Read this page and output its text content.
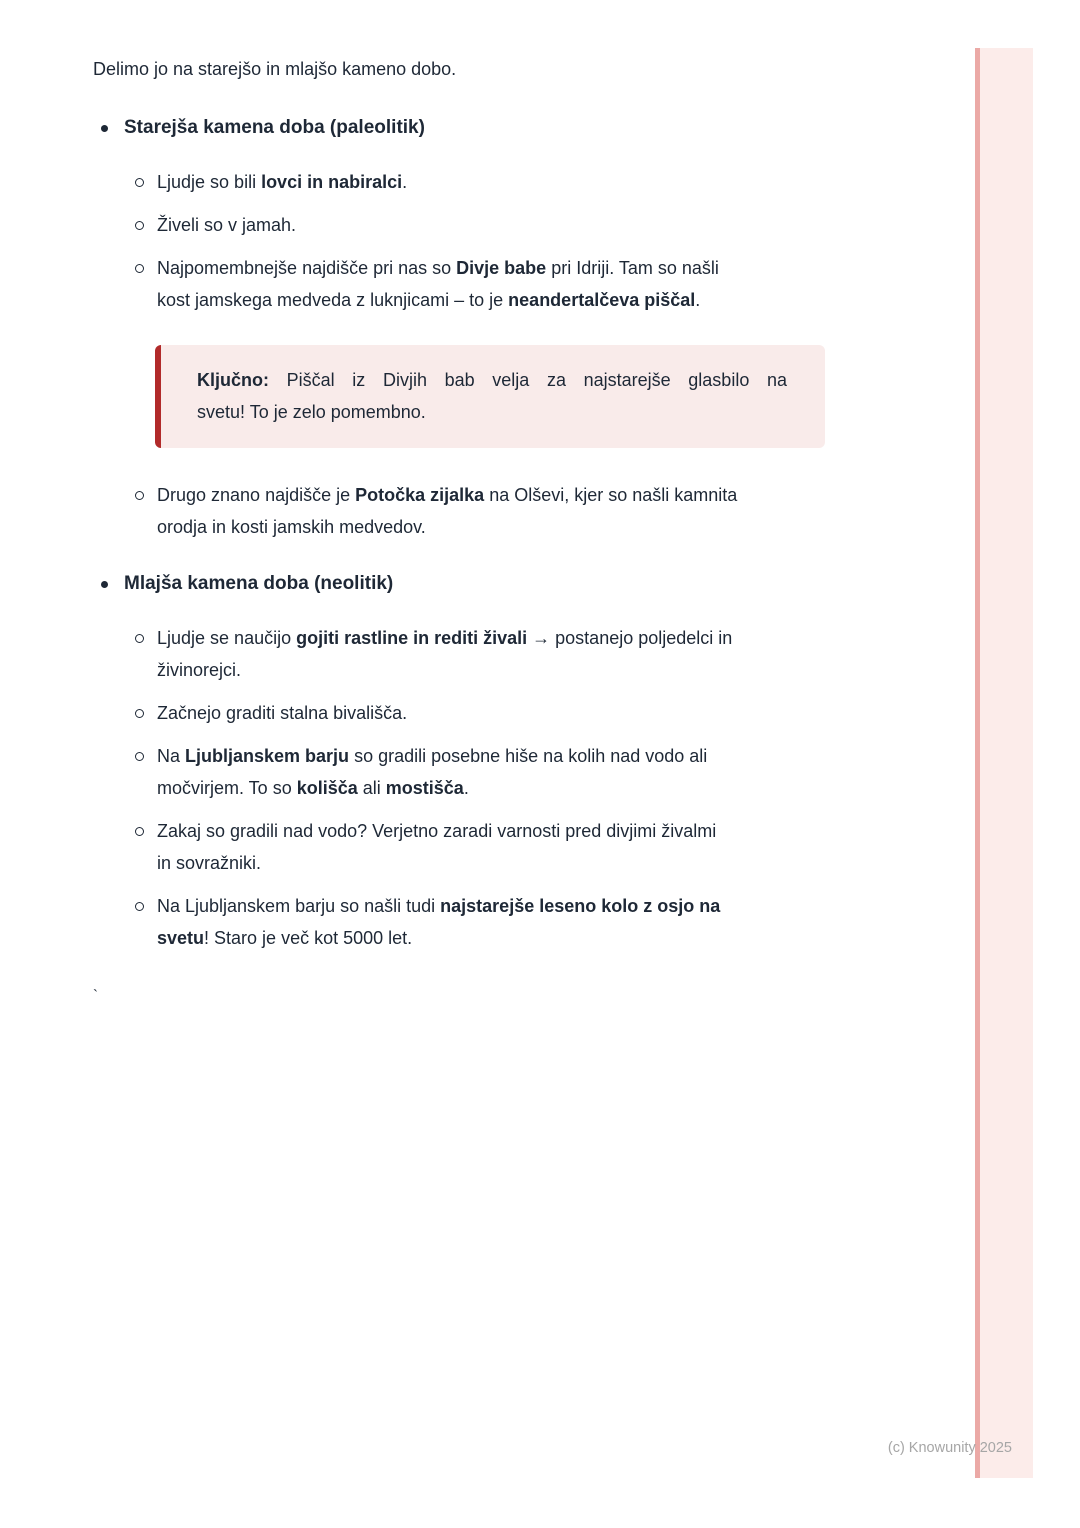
Delimo jo na starejšo in mlajšo kameno dobo.

Starejša kamena doba (paleolitik)
Ljudje so bili lovci in nabiralci.
Živeli so v jamah.
Najpomembnejše najdišče pri nas so Divje babe pri Idriji. Tam so našli
kost jamskega medveda z luknjicami – to je neandertalčeva piščal.
Ključno: Piščal iz Divjih bab velja za najstarejše glasbilo na
svetu! To je zelo pomembno.
Drugo znano najdišče je Potočka zijalka na Olševi, kjer so našli kamnita
orodja in kosti jamskih medvedov.
Mlajša kamena doba (neolitik)
Ljudje se naučijo gojiti rastline in rediti živali → postanejo poljedelci in
živinorejci.
Začnejo graditi stalna bivališča.
Na Ljubljanskem barju so gradili posebne hiše na kolih nad vodo ali
močvirjem. To so kolišča ali mostišča.
Zakaj so gradili nad vodo? Verjetno zaradi varnosti pred divjimi živalmi
in sovražniki.
Na Ljubljanskem barju so našli tudi najstarejše leseno kolo z osjo na
svetu! Staro je več kot 5000 let.
`
(c) Knowunity 2025
